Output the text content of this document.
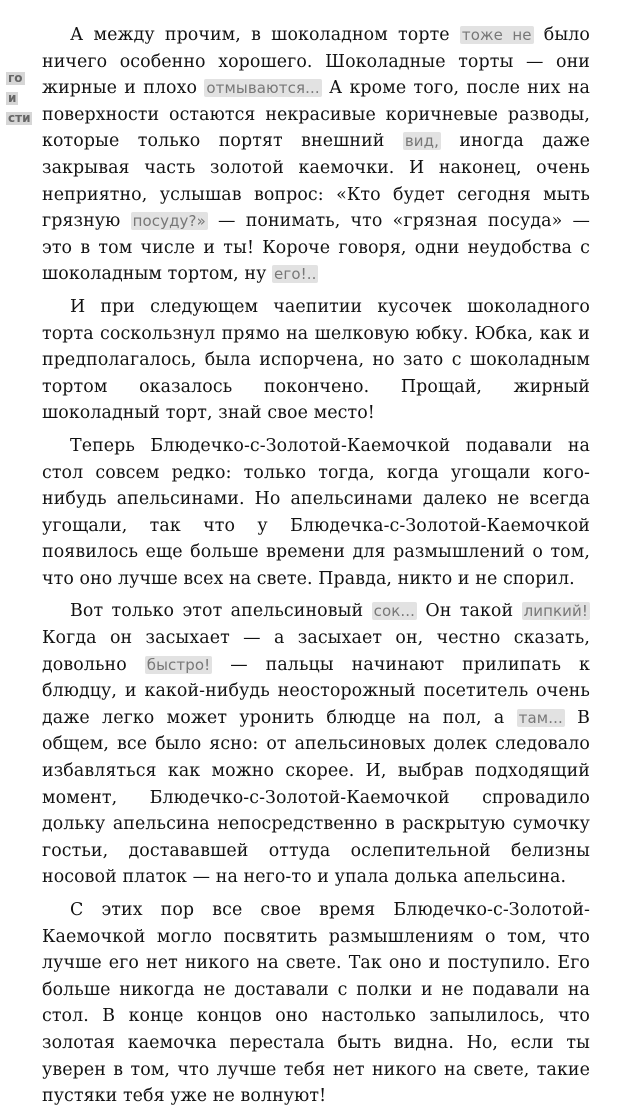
А между прочим, в шоколадном торте тоже не было ничего особенно хорошего. Шоколадные торты — они жирные и плохо отмываются... А кроме того, после них на поверхности остаются некрасивые коричневые разводы, которые только портят внешний вид, иногда даже закрывая часть золотой каемочки. И наконец, очень неприятно, услышав вопрос: «Кто будет сегодня мыть грязную посуду?» — понимать, что «грязная посуда» — это в том числе и ты! Короче говоря, одни неудобства с шоколадным тортом, ну его!..

И при следующем чаепитии кусочек шоколадного торта соскользнул прямо на шелковую юбку. Юбка, как и предполагалось, была испорчена, но зато с шоколадным тортом оказалось покончено. Прощай, жирный шоколадный торт, знай свое место!

Теперь Блюдечко-с-Золотой-Каемочкой подавали на стол совсем редко: только тогда, когда угощали кого-нибудь апельсинами. Но апельсинами далеко не всегда угощали, так что у Блюдечка-с-Золотой-Каемочкой появилось еще больше времени для размышлений о том, что оно лучше всех на свете. Правда, никто и не спорил.

Вот только этот апельсиновый сок... Он такой липкий! Когда он засыхает — а засыхает он, честно сказать, довольно быстро! — пальцы начинают прилипать к блюдцу, и какой-нибудь неосторожный посетитель очень даже легко может уронить блюдце на пол, а там... В общем, все было ясно: от апельсиновых долек следовало избавляться как можно скорее. И, выбрав подходящий момент, Блюдечко-с-Золотой-Каемочкой спровадило дольку апельсина непосредственно в раскрытую сумочку гостьи, достававшей оттуда ослепительной белизны носовой платок — на него-то и упала долька апельсина.

С этих пор все свое время Блюдечко-с-Золотой-Каемочкой могло посвятить размышлениям о том, что лучше его нет никого на свете. Так оно и поступило. Его больше никогда не доставали с полки и не подавали на стол. В конце концов оно настолько запылилось, что золотая каемочка перестала быть видна. Но, если ты уверен в том, что лучше тебя нет никого на свете, такие пустяки тебя уже не волнуют!

го
и
сти
